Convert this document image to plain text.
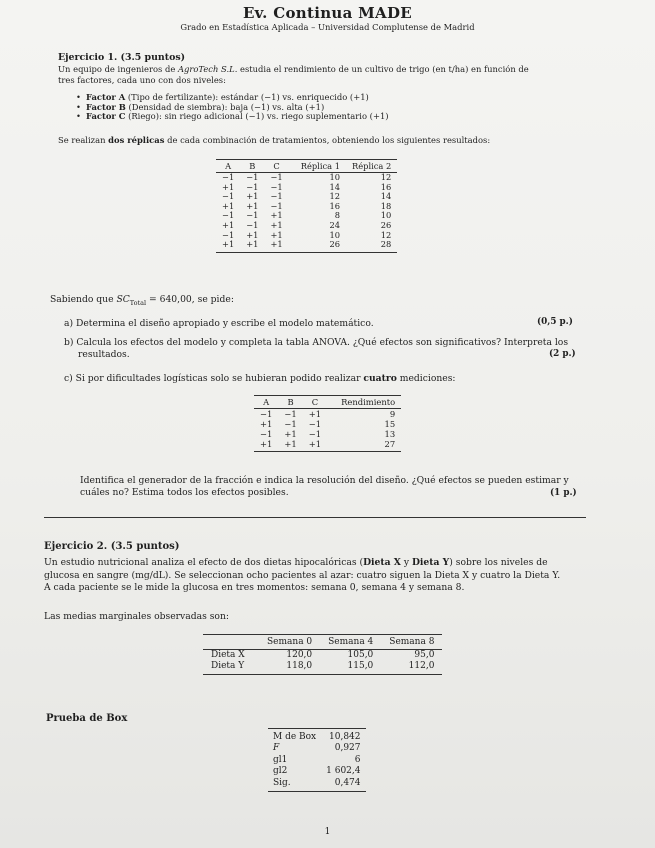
Ev. Continua MADE
Grado en Estadística Aplicada – Universidad Complutense de Madrid
Ejercicio 1. (3.5 puntos)
Un equipo de ingenieros de AgroTech S.L. estudia el rendimiento de un cultivo de trigo (en t/ha) en función de
tres factores, cada uno con dos niveles:
• Factor A (Tipo de fertilizante): estándar (−1) vs. enriquecido (+1)
• Factor B (Densidad de siembra): baja (−1) vs. alta (+1)
• Factor C (Riego): sin riego adicional (−1) vs. riego suplementario (+1)
Se realizan dos réplicas de cada combinación de tratamientos, obteniendo los siguientes resultados:
A	B	C	Réplica 1	Réplica 2
−1	−1	−1	10	12
+1	−1	−1	14	16
−1	+1	−1	12	14
+1	+1	−1	16	18
−1	−1	+1	8	10
+1	−1	+1	24	26
−1	+1	+1	10	12
+1	+1	+1	26	28
Sabiendo que $SC_{Total} = 640,00$, se pide:
a) Determina el diseño apropiado y escribe el modelo matemático.	(0,5 p.)
b) Calcula los efectos del modelo y completa la tabla ANOVA. ¿Qué efectos son significativos? Interpreta los
resultados.	(2 p.)
c) Si por dificultades logísticas solo se hubieran podido realizar cuatro mediciones:
A	B	C	Rendimiento
−1	−1	+1	9
+1	−1	−1	15
−1	+1	−1	13
+1	+1	+1	27
Identifica el generador de la fracción e indica la resolución del diseño. ¿Qué efectos se pueden estimar y
cuáles no? Estima todos los efectos posibles.	(1 p.)
Ejercicio 2. (3.5 puntos)
Un estudio nutricional analiza el efecto de dos dietas hipocalóricas (Dieta X y Dieta Y) sobre los niveles de
glucosa en sangre (mg/dL). Se seleccionan ocho pacientes al azar: cuatro siguen la Dieta X y cuatro la Dieta Y.
A cada paciente se le mide la glucosa en tres momentos: semana 0, semana 4 y semana 8.
Las medias marginales observadas son:
	Semana 0	Semana 4	Semana 8
Dieta X	120,0	105,0	95,0
Dieta Y	118,0	115,0	112,0
Prueba de Box
M de Box	10,842
F	0,927
gl1	6
gl2	1 602,4
Sig.	0,474
1
